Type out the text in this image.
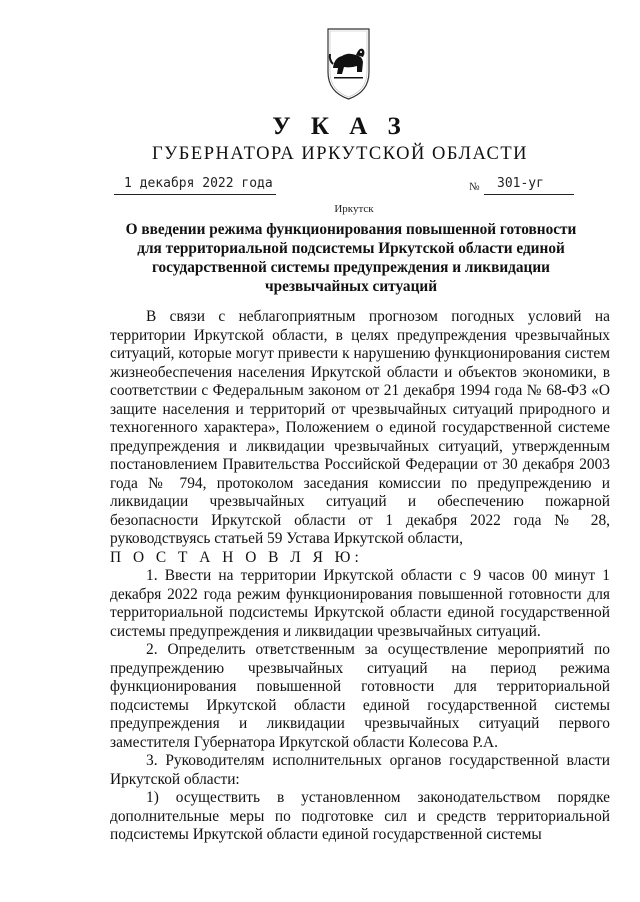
У К А З
ГУБЕРНАТОРА ИРКУТСКОЙ ОБЛАСТИ
1 декабря 2022 года	№ 301-уг
Иркутск
О введении режима функционирования повышенной готовности для территориальной подсистемы Иркутской области единой государственной системы предупреждения и ликвидации чрезвычайных ситуаций

В связи с неблагоприятным прогнозом погодных условий на территории Иркутской области, в целях предупреждения чрезвычайных ситуаций, которые могут привести к нарушению функционирования систем жизнеобеспечения населения Иркутской области и объектов экономики, в соответствии с Федеральным законом от 21 декабря 1994 года № 68-ФЗ «О защите населения и территорий от чрезвычайных ситуаций природного и техногенного характера», Положением о единой государственной системе предупреждения и ликвидации чрезвычайных ситуаций, утвержденным постановлением Правительства Российской Федерации от 30 декабря 2003 года № 794, протоколом заседания комиссии по предупреждению и ликвидации чрезвычайных ситуаций и обеспечению пожарной безопасности Иркутской области от 1 декабря 2022 года № 28, руководствуясь статьей 59 Устава Иркутской области,

П О С Т А Н О В Л Я Ю:

1. Ввести на территории Иркутской области с 9 часов 00 минут 1 декабря 2022 года режим функционирования повышенной готовности для территориальной подсистемы Иркутской области единой государственной системы предупреждения и ликвидации чрезвычайных ситуаций.

2. Определить ответственным за осуществление мероприятий по предупреждению чрезвычайных ситуаций на период режима функционирования повышенной готовности для территориальной подсистемы Иркутской области единой государственной системы предупреждения и ликвидации чрезвычайных ситуаций первого заместителя Губернатора Иркутской области Колесова Р.А.

3. Руководителям исполнительных органов государственной власти Иркутской области:

1) осуществить в установленном законодательством порядке дополнительные меры по подготовке сил и средств территориальной подсистемы Иркутской области единой государственной системы
